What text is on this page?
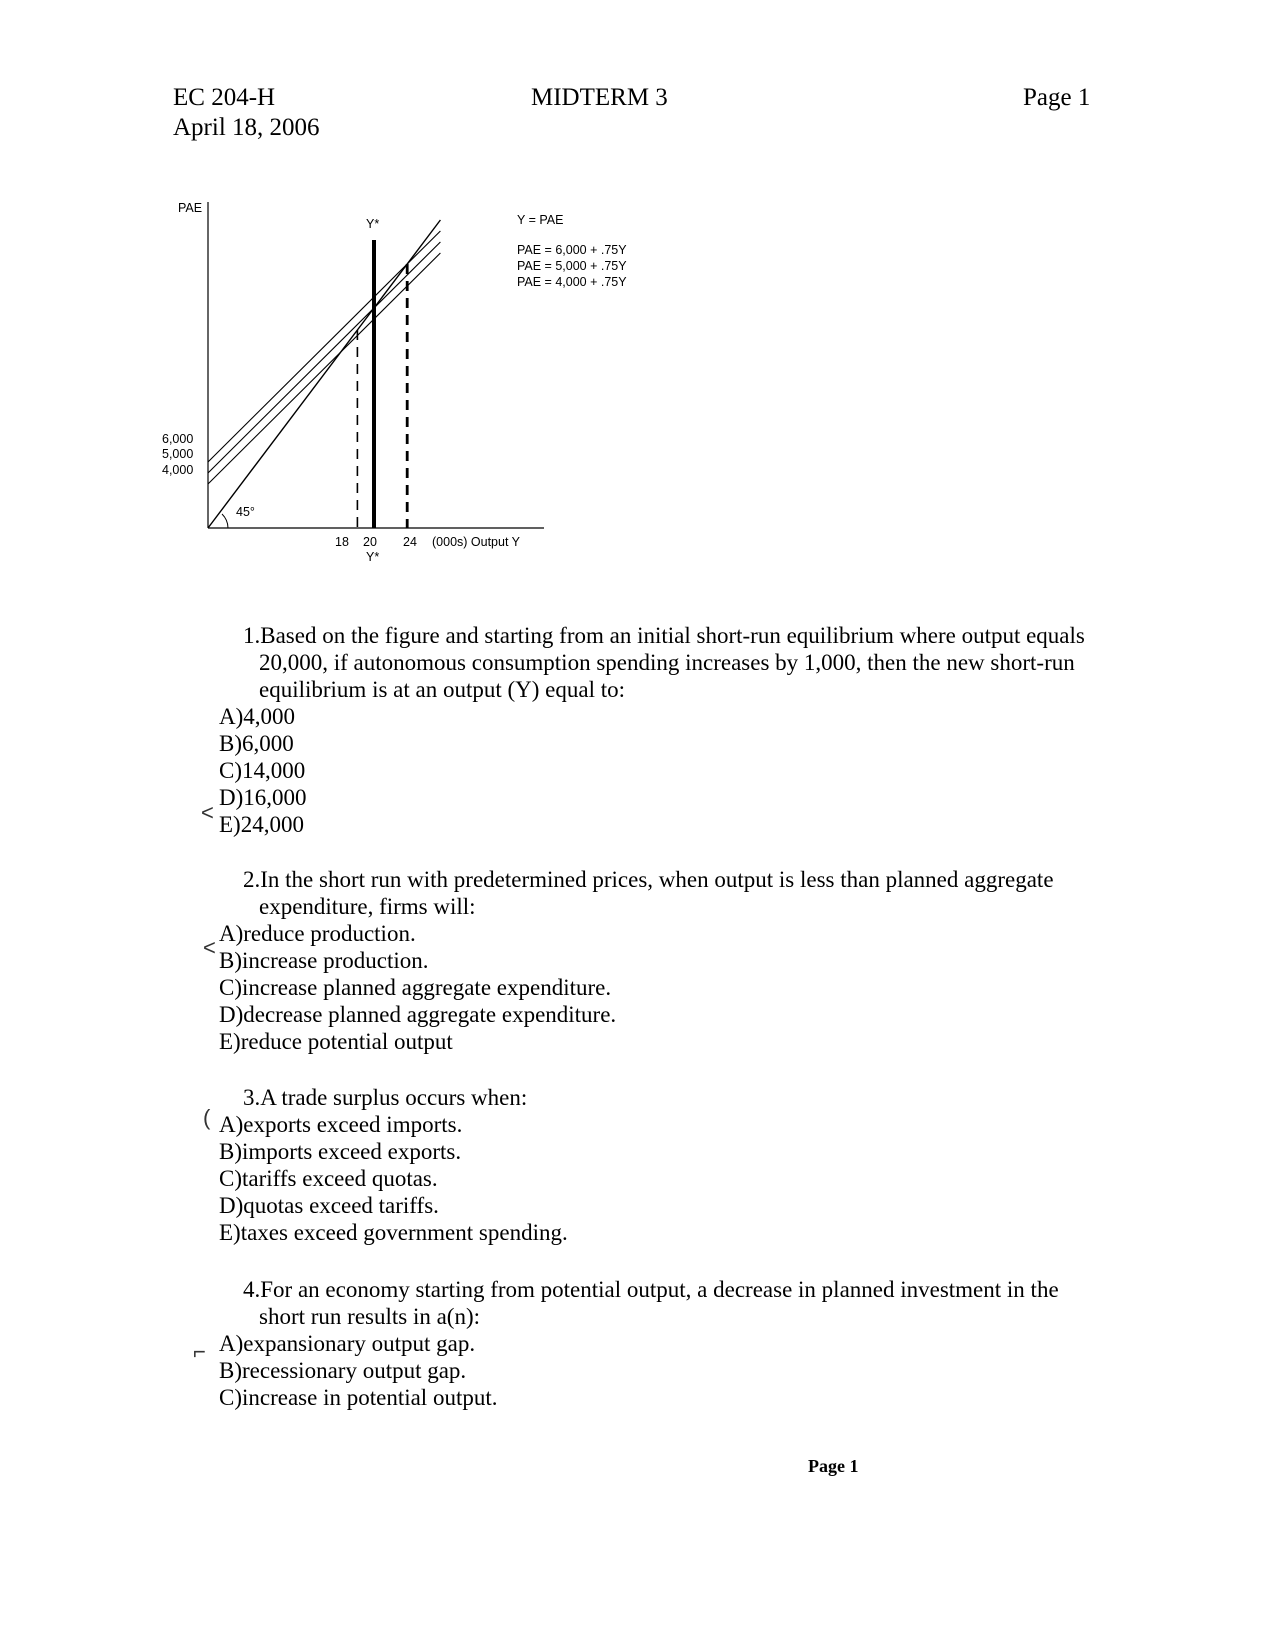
EC 204-H
April 18, 2006
MIDTERM 3	Page 1
PAE
(000s) Output Y
Y*
6,000
5,000
4,000
45°
18 20 24
Y*
Y = PAE
PAE = 6,000 + .75Y
PAE = 5,000 + .75Y
PAE = 4,000 + .75Y
1.Based on the figure and starting from an initial short-run equilibrium where output equals 20,000, if autonomous consumption spending increases by 1,000, then the new short-run equilibrium is at an output (Y) equal to:
A)4,000
B)6,000
C)14,000
D)16,000
E)24,000
2.In the short run with predetermined prices, when output is less than planned aggregate expenditure, firms will:
A)reduce production.
B)increase production.
C)increase planned aggregate expenditure.
D)decrease planned aggregate expenditure.
E)reduce potential output
3.A trade surplus occurs when:
A)exports exceed imports.
B)imports exceed exports.
C)tariffs exceed quotas.
D)quotas exceed tariffs.
E)taxes exceed government spending.
4.For an economy starting from potential output, a decrease in planned investment in the short run results in a(n):
A)expansionary output gap.
B)recessionary output gap.
C)increase in potential output.
<
<
(
⌐
Page 1
